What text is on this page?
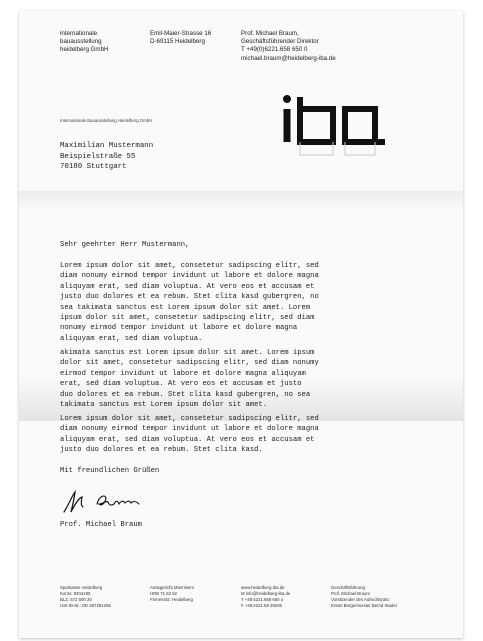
internationale
bauausstellung
heidelberg GmbH
Emil-Maier-Strasse 16
D-69115 Heidelberg
Prof. Michael Braum,
Geschäftsführender Direktor
T +49(0)6221.658 650 0
michael.braum@heidelberg-iba.de
Internationale Bauausstellung Heidelberg GmbH
Maximilian Mustermann
Beispielstraße 55
70180 Stuttgart
Sehr geehrter Herr Mustermann,
Lorem ipsum dolor sit amet, consetetur sadipscing elitr, sed
diam nonumy eirmod tempor invidunt ut labore et dolore magna
aliquyam erat, sed diam voluptua. At vero eos et accusam et
justo duo dolores et ea rebum. Stet clita kasd gubergren, no
sea takimata sanctus est Lorem ipsum dolor sit amet. Lorem
ipsum dolor sit amet, consetetur sadipscing elitr, sed diam
nonumy eirmod tempor invidunt ut labore et dolore magna
aliquyam erat, sed diam voluptua.
akimata sanctus est Lorem ipsum dolor sit amet. Lorem ipsum
dolor sit amet, consetetur sadipscing elitr, sed diam nonumy
eirmod tempor invidunt ut labore et dolore magna aliquyam
erat, sed diam voluptua. At vero eos et accusam et justo
duo dolores et ea rebum. Stet clita kasd gubergren, no sea
takimata sanctus est Lorem ipsum dolor sit amet.
Lorem ipsum dolor sit amet, consetetur sadipscing elitr, sed
diam nonumy eirmod tempor invidunt ut labore et dolore magna
aliquyam erat, sed diam voluptua. At vero eos et accusam et
justo duo dolores et ea rebum. Stet clita kasd.
Mit freundlichen Grüßen
Prof. Michael Braum
Sparkasse Heidelberg
Konto: 9204180
BLZ: 672 500 20
USt-ID-Nr.: DE 287281256
Amtsgericht Mannheim
HRB 71 62 62
Firmensitz: Heidelberg
www.heidelberg-iba.de
M info@heidelberg-iba.de
T +49.6221.658 650 o
F +49.6221.58 49200
Geschäftsführung:
Prof. Michael Braum
Vorsitzender des Aufsichtsrats:
Erster Bürgermeister Bernd Stadel
